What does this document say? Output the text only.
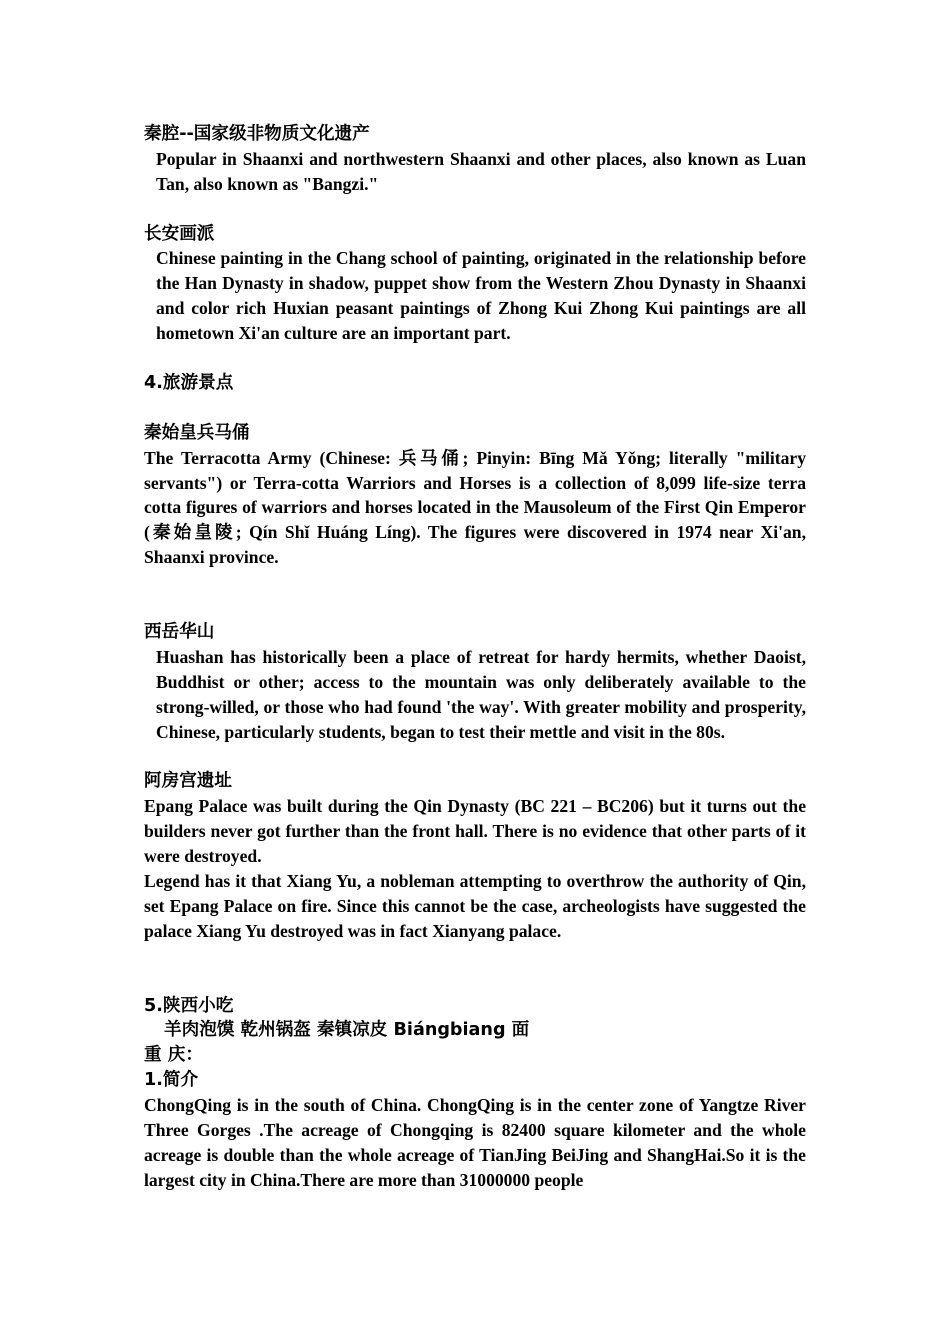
秦腔--国家级非物质文化遗产

Popular in Shaanxi and northwestern Shaanxi and other places, also known as Luan Tan, also known as "Bangzi."

长安画派

Chinese painting in the Chang school of painting, originated in the relationship before the Han Dynasty in shadow, puppet show from the Western Zhou Dynasty in Shaanxi and color rich Huxian peasant paintings of Zhong Kui Zhong Kui paintings are all hometown Xi'an culture are an important part.

4.旅游景点
秦始皇兵马俑

The Terracotta Army (Chinese: 兵马俑; Pinyin: Bīng Mǎ Yǒng; literally "military servants") or Terra-cotta Warriors and Horses is a collection of 8,099 life-size terra cotta figures of warriors and horses located in the Mausoleum of the First Qin Emperor (秦始皇陵; Qín Shǐ Huáng Líng). The figures were discovered in 1974 near Xi'an, Shaanxi province.

西岳华山

Huashan has historically been a place of retreat for hardy hermits, whether Daoist, Buddhist or other; access to the mountain was only deliberately available to the strong-willed, or those who had found 'the way'. With greater mobility and prosperity, Chinese, particularly students, began to test their mettle and visit in the 80s.

阿房宫遗址

Epang Palace was built during the Qin Dynasty (BC 221 – BC206) but it turns out the builders never got further than the front hall. There is no evidence that other parts of it were destroyed.

Legend has it that Xiang Yu, a nobleman attempting to overthrow the authority of Qin, set Epang Palace on fire. Since this cannot be the case, archeologists have suggested the palace Xiang Yu destroyed was in fact Xianyang palace.

5.陕西小吃
羊肉泡馍 乾州锅盔 秦镇凉皮 Biángbiang 面
重 庆：
1.简介

ChongQing is in the south of China. ChongQing is in the center zone of Yangtze River Three Gorges .The acreage of Chongqing is 82400 square kilometer and the whole acreage is double than the whole acreage of TianJing BeiJing and ShangHai.So it is the largest city in China.There are more than 31000000 people
